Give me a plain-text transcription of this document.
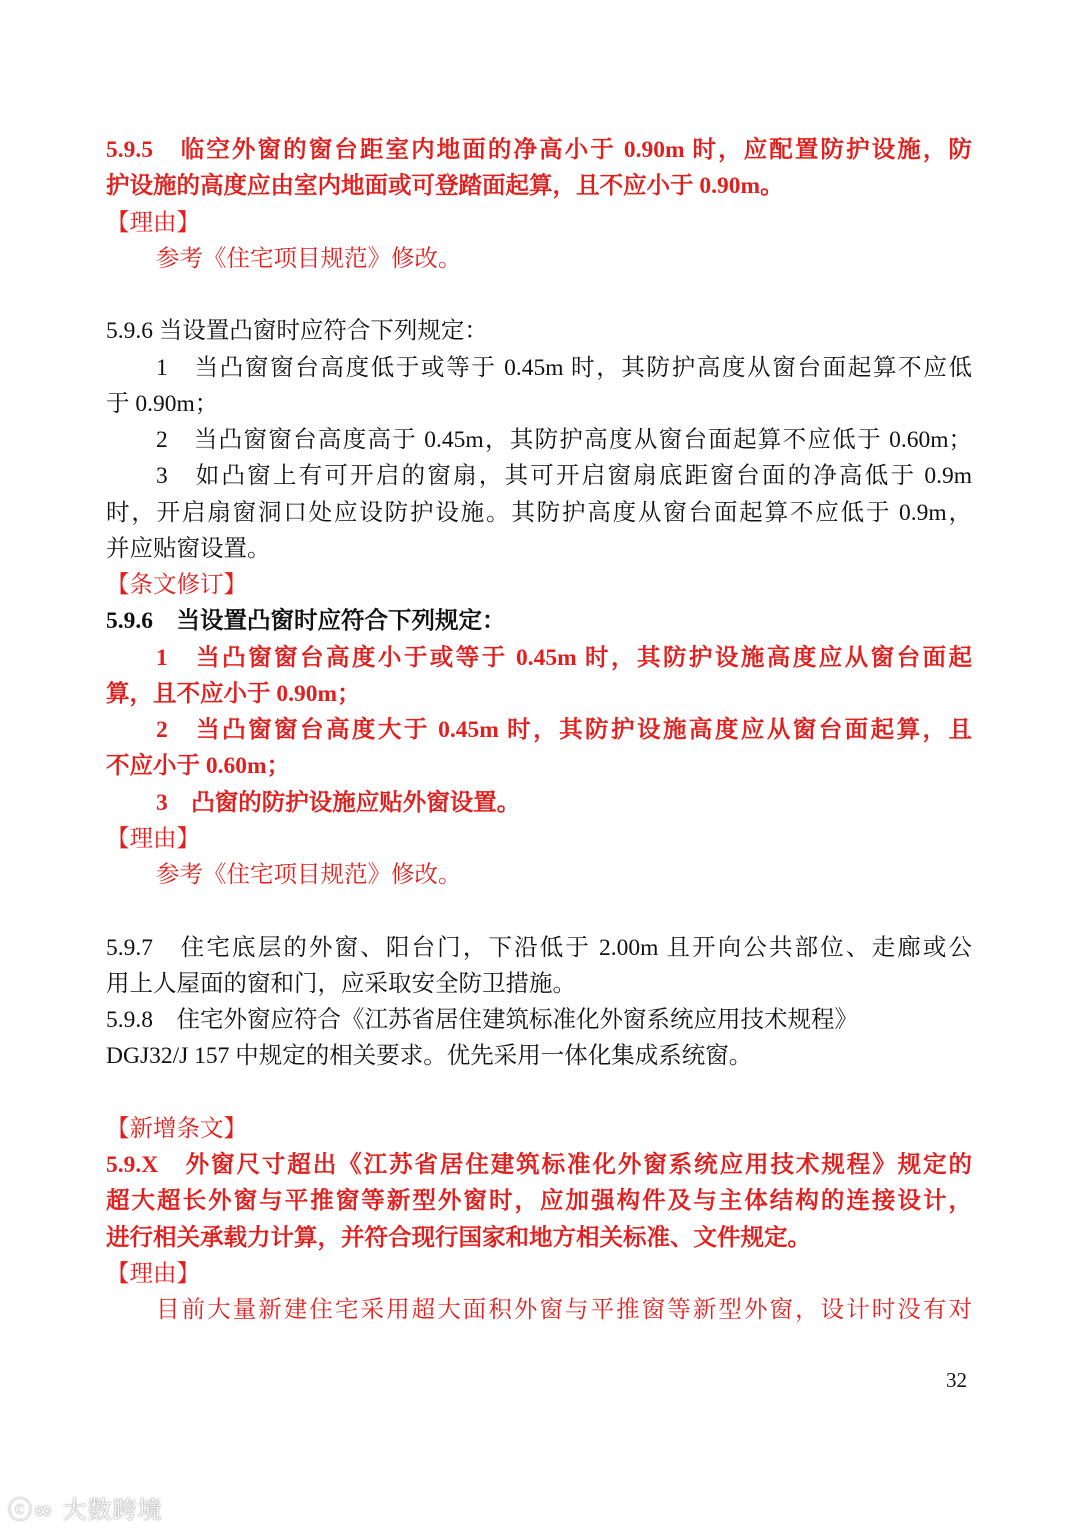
5.9.5　临空外窗的窗台距室内地面的净高小于 0.90m 时，应配置防护设施，防
护设施的高度应由室内地面或可登踏面起算，且不应小于 0.90m。
【理由】
参考《住宅项目规范》修改。
5.9.6 当设置凸窗时应符合下列规定：
1　当凸窗窗台高度低于或等于 0.45m 时，其防护高度从窗台面起算不应低
于 0.90m；
2　当凸窗窗台高度高于 0.45m，其防护高度从窗台面起算不应低于 0.60m；
3　如凸窗上有可开启的窗扇，其可开启窗扇底距窗台面的净高低于 0.9m
时，开启扇窗洞口处应设防护设施。其防护高度从窗台面起算不应低于 0.9m，
并应贴窗设置。
【条文修订】
5.9.6　当设置凸窗时应符合下列规定：
1　当凸窗窗台高度小于或等于 0.45m 时，其防护设施高度应从窗台面起
算，且不应小于 0.90m；
2　当凸窗窗台高度大于 0.45m 时，其防护设施高度应从窗台面起算，且
不应小于 0.60m；
3　凸窗的防护设施应贴外窗设置。
【理由】
参考《住宅项目规范》修改。
5.9.7　住宅底层的外窗、阳台门，下沿低于 2.00m 且开向公共部位、走廊或公
用上人屋面的窗和门，应采取安全防卫措施。
5.9.8　住宅外窗应符合《江苏省居住建筑标准化外窗系统应用技术规程》
DGJ32/J 157 中规定的相关要求。优先采用一体化集成系统窗。
【新增条文】
5.9.X　外窗尺寸超出《江苏省居住建筑标准化外窗系统应用技术规程》规定的
超大超长外窗与平推窗等新型外窗时，应加强构件及与主体结构的连接设计，
进行相关承载力计算，并符合现行国家和地方相关标准、文件规定。
【理由】
目前大量新建住宅采用超大面积外窗与平推窗等新型外窗，设计时没有对
32
ⓒ∞ 大数跨境
